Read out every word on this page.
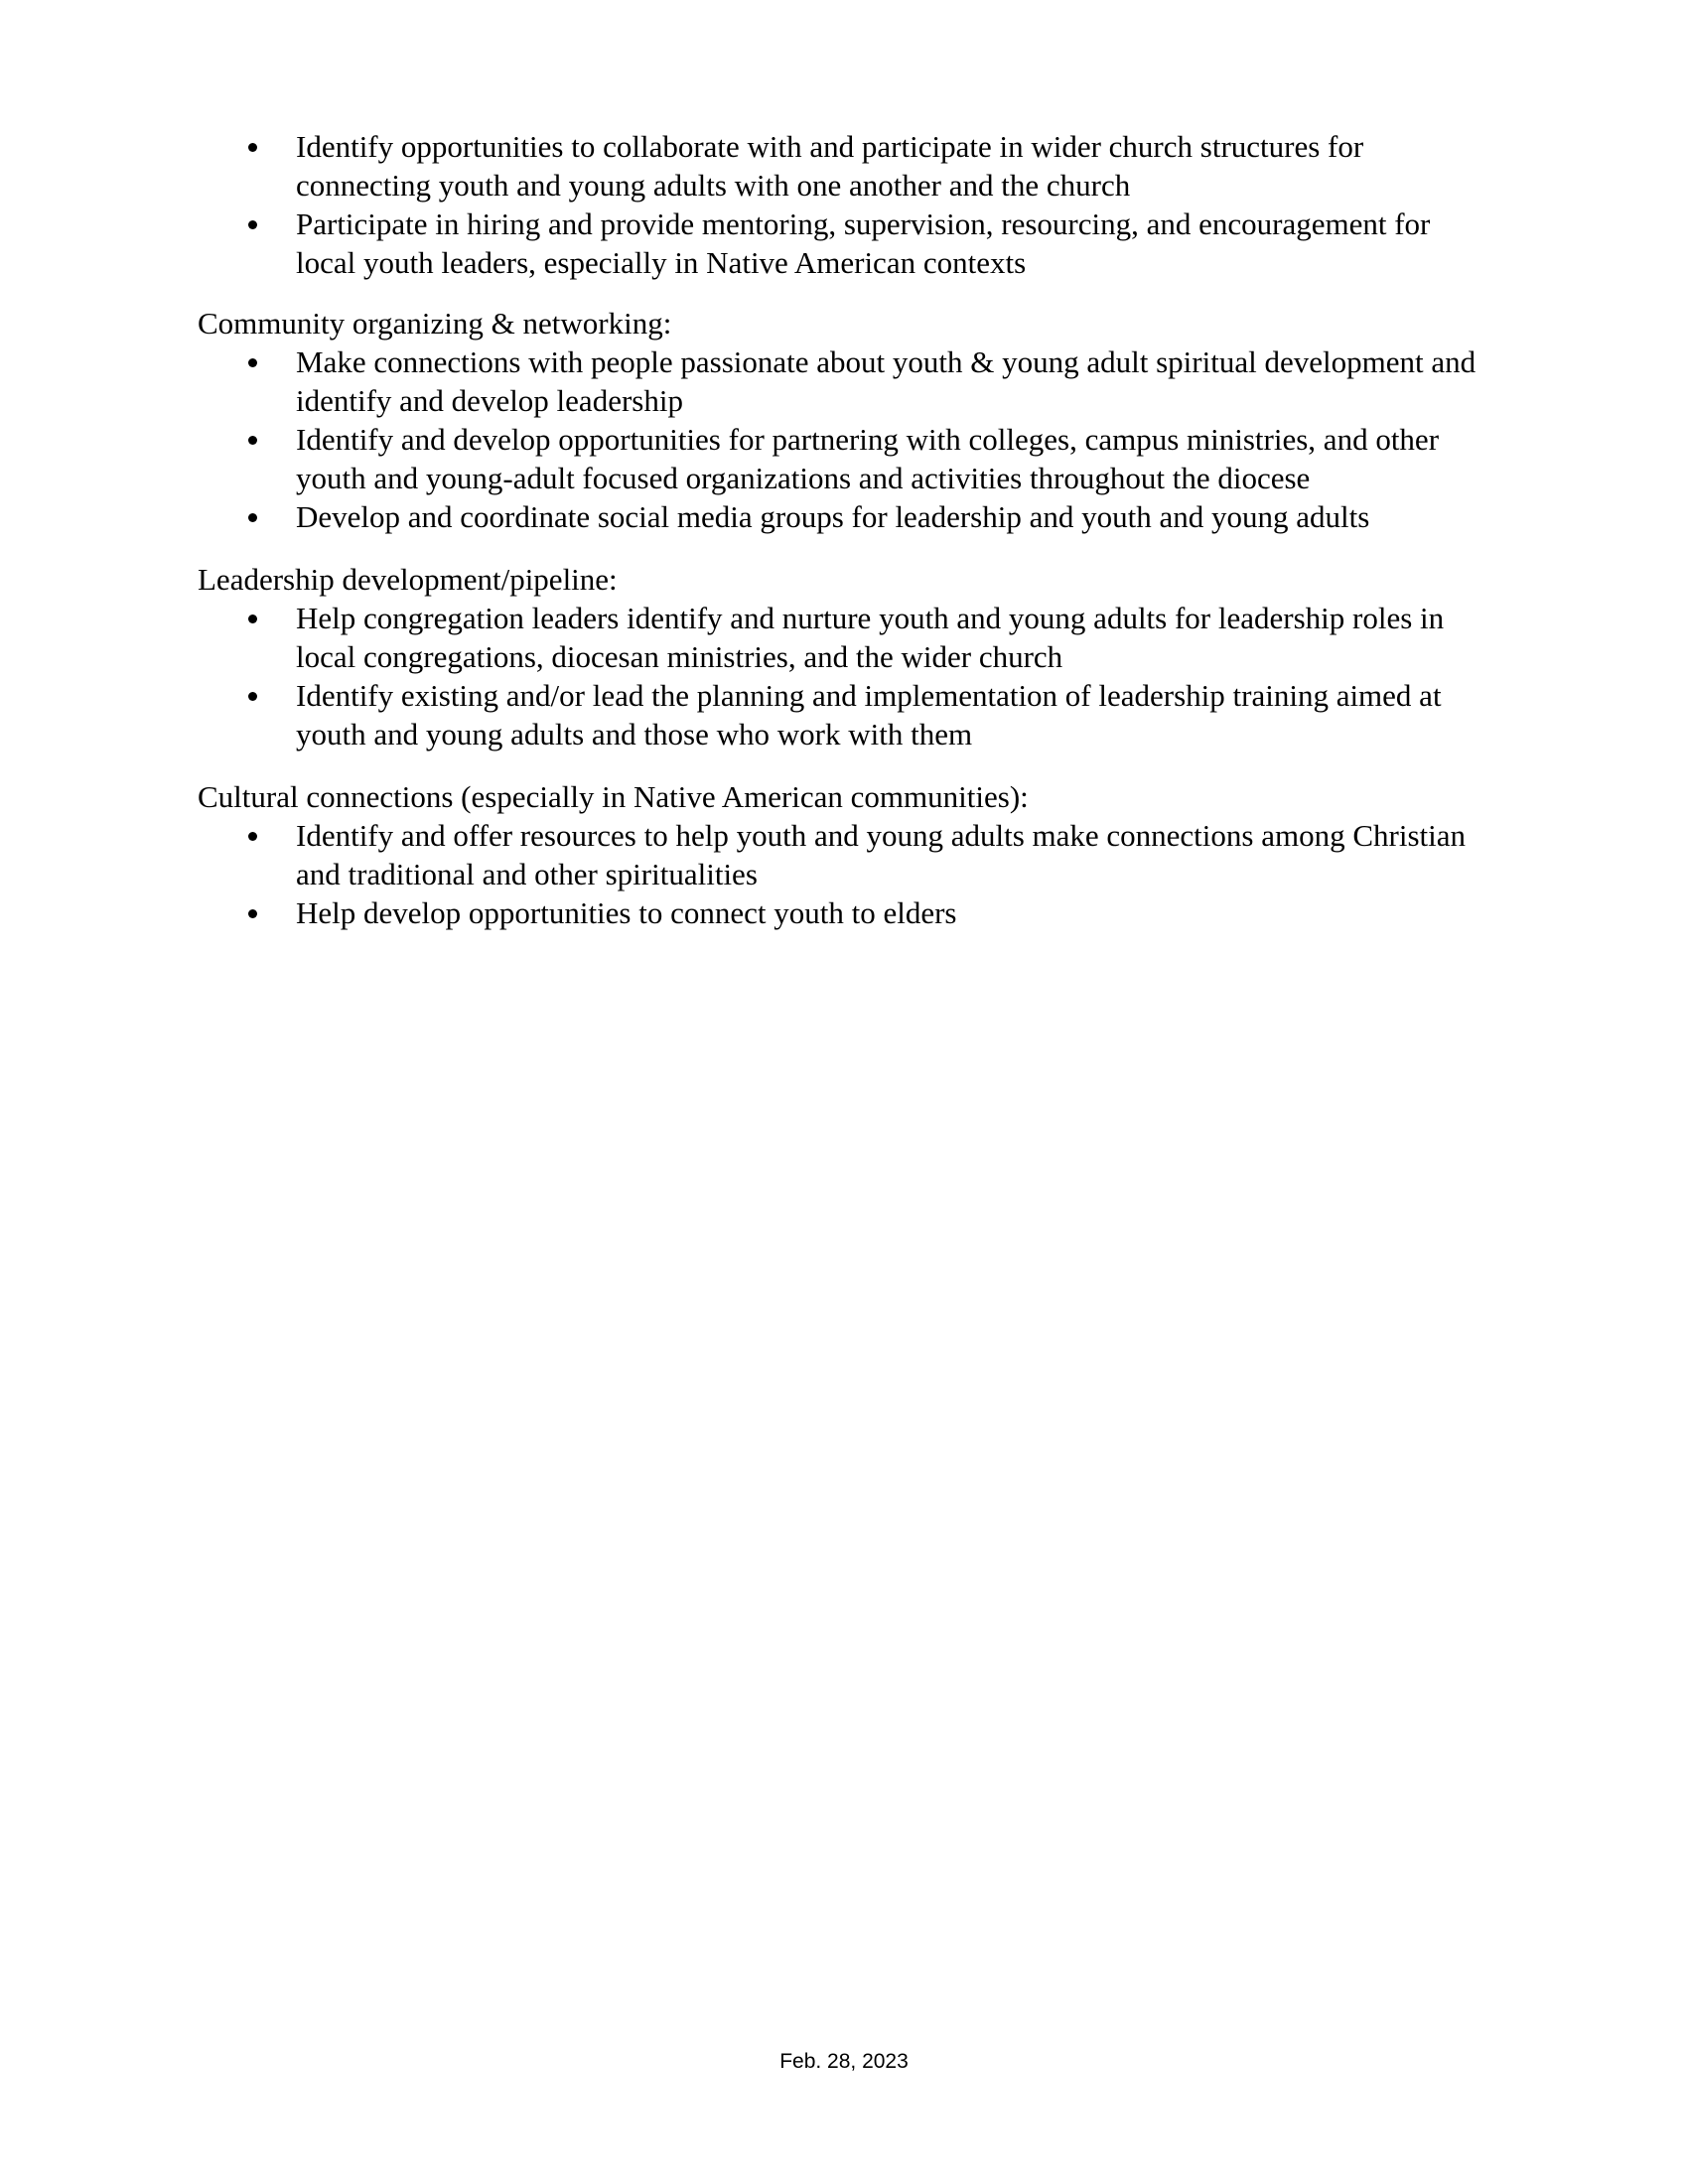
Identify opportunities to collaborate with and participate in wider church structures for connecting youth and young adults with one another and the church
Participate in hiring and provide mentoring, supervision, resourcing, and encouragement for local youth leaders, especially in Native American contexts
Community organizing & networking:
Make connections with people passionate about youth & young adult spiritual development and identify and develop leadership
Identify and develop opportunities for partnering with colleges, campus ministries, and other youth and young-adult focused organizations and activities throughout the diocese
Develop and coordinate social media groups for leadership and youth and young adults
Leadership development/pipeline:
Help congregation leaders identify and nurture youth and young adults for leadership roles in local congregations, diocesan ministries, and the wider church
Identify existing and/or lead the planning and implementation of leadership training aimed at youth and young adults and those who work with them
Cultural connections (especially in Native American communities):
Identify and offer resources to help youth and young adults make connections among Christian and traditional and other spiritualities
Help develop opportunities to connect youth to elders
Feb. 28, 2023
